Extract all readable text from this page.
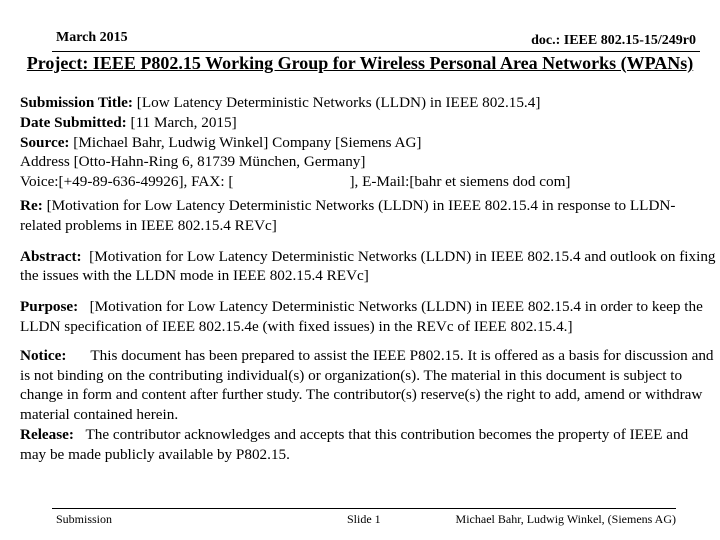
March 2015	doc.: IEEE 802.15-15/249r0
Project: IEEE P802.15 Working Group for Wireless Personal Area Networks (WPANs)

Submission Title: [Low Latency Deterministic Networks (LLDN) in IEEE 802.15.4]

Date Submitted: [11 March, 2015]

Source: [Michael Bahr, Ludwig Winkel] Company [Siemens AG]

Address [Otto-Hahn-Ring 6, 81739 München, Germany]

Voice:[+49-89-636-49926], FAX: [	], E-Mail:[bahr et siemens dod com]

Re: [Motivation for Low Latency Deterministic Networks (LLDN) in IEEE 802.15.4 in response to LLDN-related problems in IEEE 802.15.4 REVc]

Abstract: [Motivation for Low Latency Deterministic Networks (LLDN) in IEEE 802.15.4 and outlook on fixing the issues with the LLDN mode in IEEE 802.15.4 REVc]

Purpose: [Motivation for Low Latency Deterministic Networks (LLDN) in IEEE 802.15.4 in order to keep the LLDN specification of IEEE 802.15.4e (with fixed issues) in the REVc of IEEE 802.15.4.]

Notice: This document has been prepared to assist the IEEE P802.15. It is offered as a basis for discussion and is not binding on the contributing individual(s) or organization(s). The material in this document is subject to change in form and content after further study. The contributor(s) reserve(s) the right to add, amend or withdraw material contained herein.

Release: The contributor acknowledges and accepts that this contribution becomes the property of IEEE and may be made publicly available by P802.15.

Submission	Slide 1	Michael Bahr, Ludwig Winkel, (Siemens AG)
